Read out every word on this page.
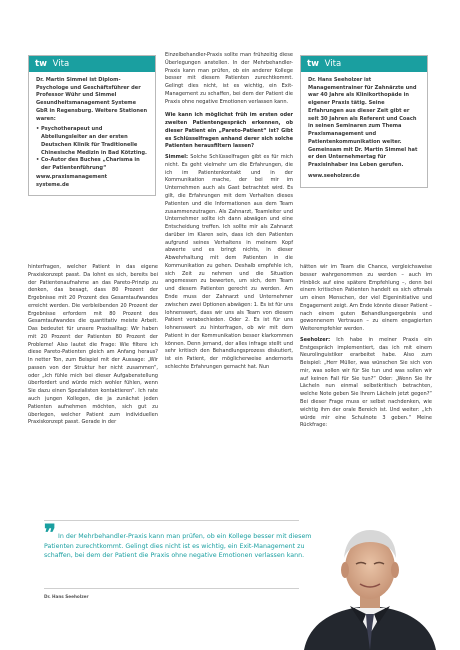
tw Vita

Dr. Martin Simmel ist Diplom-Psychologe und Geschäftsführer der Professor Wühr und Simmel Gesundheitsmanagement Systeme GbR in Regensburg. Weitere Stationen waren:

• Psychotherapeut und Abteilungsleiter an der ersten Deutschen Klinik für Traditionelle Chinesische Medizin in Bad Kötzting.
• Co-Autor des Buches „Charisma in der Patientenführung“
www.praxismanagement
systeme.de
tw Vita

Dr. Hans Seeholzer ist Managementrainer für Zahnärzte und war 40 Jahre als Klinikorthopäde in eigener Praxis tätig. Seine Erfahrungen aus dieser Zeit gibt er seit 30 Jahren als Referent und Coach in seinen Seminaren zum Thema Praxismanagement und Patientenkommunikation weiter. Gemeinsam mit Dr. Martin Simmel hat er den Unternehmertag für Praxisinhaber ins Leben gerufen.

www.seeholzer.de

Einzelbehandler-Praxis sollte man frühzeitig diese Überlegungen anstellen. In der Mehrbehandler-Praxis kann man prüfen, ob ein anderer Kollege besser mit diesem Patienten zurechtkommt. Gelingt dies nicht, ist es wichtig, ein Exit-Management zu schaffen, bei dem der Patient die Praxis ohne negative Emotionen verlassen kann.

Wie kann ich möglichst früh im ersten oder zweiten Patientengespräch erkennen, ob dieser Patient ein „Pareto-Patient“ ist? Gibt es Schlüsselfragen anhand derer sich solche Patienten herausfiltern lassen?

Simmel: Solche Schlüsselfragen gibt es für mich nicht. Es geht vielmehr um die Erfahrungen, die ich im Patientenkontakt und in der Kommunikation mache, der bei mir im Unternehmen auch als Gast betrachtet wird. Es gilt, die Erfahrungen mit dem Verhalten dieses Patienten und die Informationen aus dem Team zusammenzutragen. Als Zahnarzt, Teamleiter und Unternehmer sollte ich dann abwägen und eine Entscheidung treffen. Ich sollte mir als Zahnarzt darüber im Klaren sein, dass ich den Patienten aufgrund seines Verhaltens in meinem Kopf abwerte und es bringt nichts, in dieser Abwehrhaltung mit dem Patienten in die Kommunikation zu gehen. Deshalb empfehle ich, sich Zeit zu nehmen und die Situation angemessen zu bewerten, um sich, dem Team und diesem Patienten gerecht zu werden. Am Ende muss der Zahnarzt und Unternehmer zwischen zwei Optionen abwägen: 1. Es ist für uns lohnenswert, dass wir uns als Team von diesem Patient verabschieden. Oder 2. Es ist für uns lohnenswert zu hinterfragen, ob wir mit dem Patient in der Kommunikation besser klarkommen können. Denn jemand, der alles infrage stellt und sehr kritisch den Behandlungsprozess diskutiert, ist ein Patient, der möglicherweise andernorts schlechte Erfahrungen gemacht hat. Nun

hinterfragen, welcher Patient in das eigene Praxiskonzept passt. Da lohnt es sich, bereits bei der Patientenaufnahme an das Pareto-Prinzip zu denken, das besagt, dass 80 Prozent der Ergebnisse mit 20 Prozent des Gesamtaufwandes erreicht werden. Die verbleibenden 20 Prozent der Ergebnisse erfordern mit 80 Prozent des Gesamtaufwandes die quantitativ meiste Arbeit. Das bedeutet für unsere Praxisalltag: Wir haben mit 20 Prozent der Patienten 80 Prozent der Probleme! Also lautet die Frage: Wie filtere ich diese Pareto-Patienten gleich am Anfang heraus? In netter Ton, zum Beispiel mit der Aussage: „Wir passen von der Struktur her nicht zusammen“, oder „Ich fühle mich bei dieser Aufgabenstellung überfordert und würde mich wohler fühlen, wenn Sie dazu einen Spezialisten kontaktieren“. Ich rate auch jungen Kollegen, die ja zunächst jeden Patienten aufnehmen möchten, sich gut zu überlegen, welcher Patient zum individuellen Praxiskonzept passt. Gerade in der

hätten wir im Team die Chance, vergleichsweise besser wahrgenommen zu werden – auch im Hinblick auf eine spätere Empfehlung –, denn bei einem kritischen Patienten handelt es sich oftmals um einen Menschen, der viel Eigeninitiative und Engagement zeigt. Am Ende könnte dieser Patient – nach einem guten Behandlungsergebnis und gewonnenem Vertrauen – zu einem engagierten Weiterempfehler werden.

Seeholzer: Ich habe in meiner Praxis ein Erstgespräch implementiert, das ich mit einem Neurolinguistiker erarbeitet habe. Also zum Beispiel: „Herr Müller, was wünschen Sie sich von mir, was sollen wir für Sie tun und was sollen wir auf keinen Fall für Sie tun?“ Oder: „Wenn Sie Ihr Lächeln nun einmal selbstkritisch betrachten, welche Note geben Sie Ihrem Lächeln jetzt gegen?“ Bei dieser Frage muss er selbst nachdenken, wie wichtig ihm der orale Bereich ist. Und weiter: „Ich würde mir eine Schulnote 3 geben.“ Meine Rückfrage:

❞ In der Mehrbehandler-Praxis kann man prüfen, ob ein Kollege besser mit diesem Patienten zurechtkommt. Gelingt dies nicht ist es wichtig, ein Exit-Management zu schaffen, bei dem der Patient die Praxis ohne negative Emotionen verlassen kann.
Dr. Hans Seeholzer
